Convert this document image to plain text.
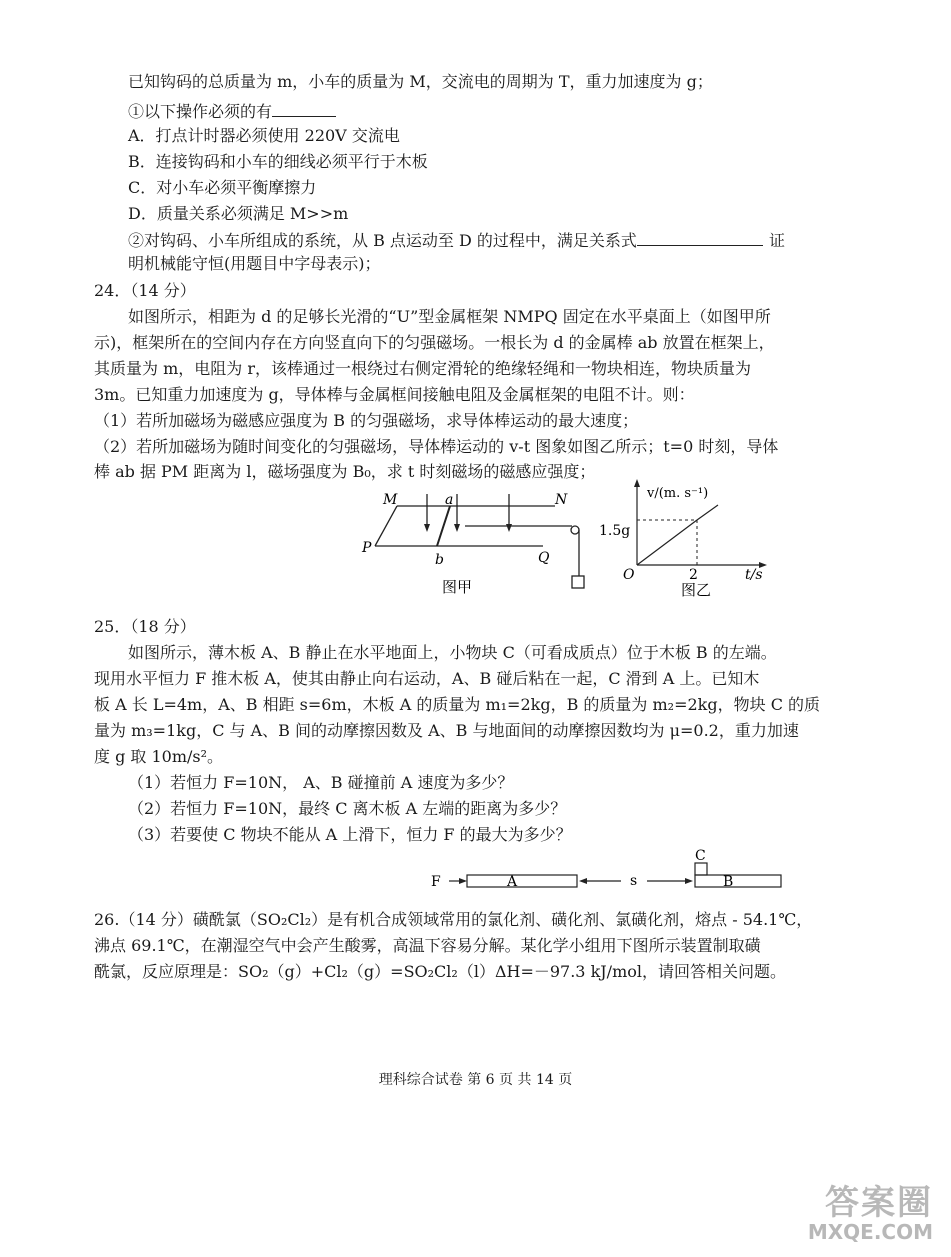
已知钩码的总质量为 m，小车的质量为 M，交流电的周期为 T，重力加速度为 g；
①以下操作必须的有
A．打点计时器必须使用 220V 交流电
B．连接钩码和小车的细线必须平行于木板
C．对小车必须平衡摩擦力
D．质量关系必须满足 M>>m
②对钩码、小车所组成的系统，从 B 点运动至 D 的过程中，满足关系式	证
明机械能守恒(用题目中字母表示)；
24．（14 分）
如图所示，相距为 d 的足够长光滑的“U”型金属框架 NMPQ 固定在水平桌面上（如图甲所
示)，框架所在的空间内存在方向竖直向下的匀强磁场。一根长为 d 的金属棒 ab 放置在框架上，
其质量为 m，电阻为 r，该棒通过一根绕过右侧定滑轮的绝缘轻绳和一物块相连，物块质量为
3m。已知重力加速度为 g，导体棒与金属框间接触电阻及金属框架的电阻不计。则：
（1）若所加磁场为磁感应强度为 B 的匀强磁场，求导体棒运动的最大速度；
（2）若所加磁场为随时间变化的匀强磁场，导体棒运动的 v-t 图象如图乙所示；t=0 时刻，导体
棒 ab 据 PM 距离为 l，磁场强度为 B₀，求 t 时刻磁场的磁感应强度；
M	a	N
P
b	Q
图甲
v/(m. s⁻¹)
1.5g
O	2	t/s
图乙
25．（18 分）
如图所示，薄木板 A、B 静止在水平地面上，小物块 C（可看成质点）位于木板 B 的左端。
现用水平恒力 F 推木板 A，使其由静止向右运动，A、B 碰后粘在一起，C 滑到 A 上。已知木
板 A 长 L=4m，A、B 相距 s=6m，木板 A 的质量为 m₁=2kg，B 的质量为 m₂=2kg，物块 C 的质
量为 m₃=1kg，C 与 A、B 间的动摩擦因数及 A、B 与地面间的动摩擦因数均为 μ=0.2，重力加速
度 g 取 10m/s²。
（1）若恒力 F=10N， A、B 碰撞前 A 速度为多少？
（2）若恒力 F=10N，最终 C 离木板 A 左端的距离为多少？
（3）若要使 C 物块不能从 A 上滑下，恒力 F 的最大为多少？
F	A	s
C
B
26.（14 分）磺酰氯（SO₂Cl₂）是有机合成领域常用的氯化剂、磺化剂、氯磺化剂，熔点 - 54.1℃，
沸点 69.1℃，在潮湿空气中会产生酸雾，高温下容易分解。某化学小组用下图所示装置制取磺
酰氯，反应原理是：SO₂（g）+Cl₂（g）=SO₂Cl₂（l）ΔH=－97.3 kJ/mol，请回答相关问题。
理科综合试卷 第 6 页 共 14 页
答案圈
MXQE.COM
